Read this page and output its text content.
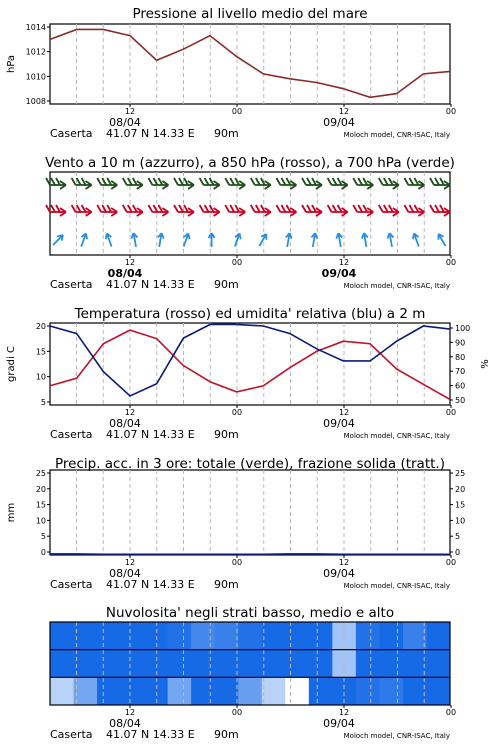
Pressione al livello medio del mare
1014
1012
1010
1008
hPa
12	00	12	00
08/04	09/04
Caserta 41.07 N 14.33 E 90m	Moloch model, CNR-ISAC, Italy
Vento a 10 m (azzurro), a 850 hPa (rosso), a 700 hPa (verde)
12	00	12	00
08/04	09/04
Caserta 41.07 N 14.33 E 90m	Moloch model, CNR-ISAC, Italy
Temperatura (rosso) ed umidita' relativa (blu) a 2 m
20
15
10
5
gradi C
100
90
80
70
60
50
%
12	00	12	00
08/04	09/04
Caserta 41.07 N 14.33 E 90m	Moloch model, CNR-ISAC, Italy
Precip. acc. in 3 ore: totale (verde), frazione solida (tratt.)
25
20
15
10
5
0
mm
25
20
15
10
5
0
12	00	12	00
08/04	09/04
Caserta 41.07 N 14.33 E 90m	Moloch model, CNR-ISAC, Italy
Nuvolosita' negli strati basso, medio e alto
12	00	12	00
08/04	09/04
Caserta 41.07 N 14.33 E 90m	Moloch model, CNR-ISAC, Italy
